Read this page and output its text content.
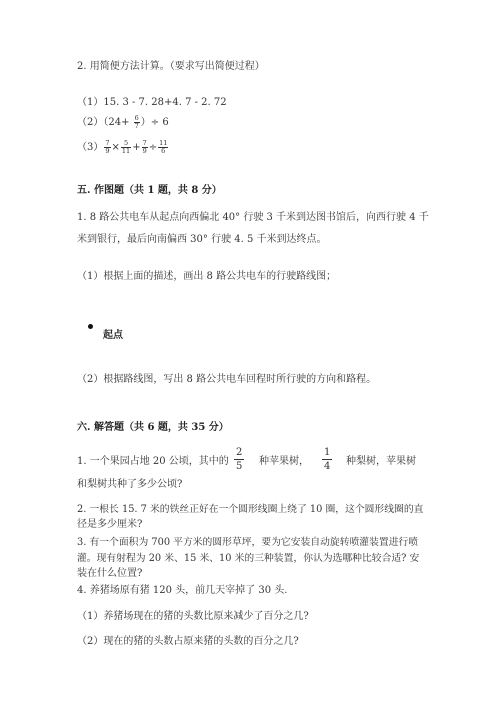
2. 用简便方法计算。（要求写出简便过程）
（1）15. 3 - 7. 28+4. 7 - 2. 72
$(2)(24+ \frac{6}{7}$ ）÷ 6
$(3) \frac{7}{9} \times \frac{5}{11} + \frac{7}{9} \div \frac{11}{6}$
五. 作图题（共 1 题，共 8 分）
1. 8 路公共电车从起点向西偏北 40° 行驶 3 千米到达图书馆后，向西行驶 4 千
米到银行，最后向南偏西 30° 行驶 4. 5 千米到达终点。
（1）根据上面的描述，画出 8 路公共电车的行驶路线图；
起点
（2）根据路线图，写出 8 路公共电车回程时所行驶的方向和路程。
六. 解答题（共 6 题，共 35 分）
1. 一个果园占地 20 公顷，其中的 $\frac{2}{5}$ 种苹果树， $\frac{1}{4}$ 种梨树，苹果树
和梨树共种了多少公顷?
2. 一根长 15. 7 米的铁丝正好在一个圆形线圈上绕了 10 圈，这个圆形线圈的直
径是多少厘米?
3. 有一个面积为 700 平方米的圆形草坪，要为它安装自动旋转喷灌装置进行喷
灌。现有射程为 20 米、15 米、10 米的三种装置，你认为选哪种比较合适? 安
装在什么位置?
4. 养猪场原有猪 120 头，前几天宰掉了 30 头.
（1）养猪场现在的猪的头数比原来减少了百分之几?
（2）现在的猪的头数占原来猪的头数的百分之几?
